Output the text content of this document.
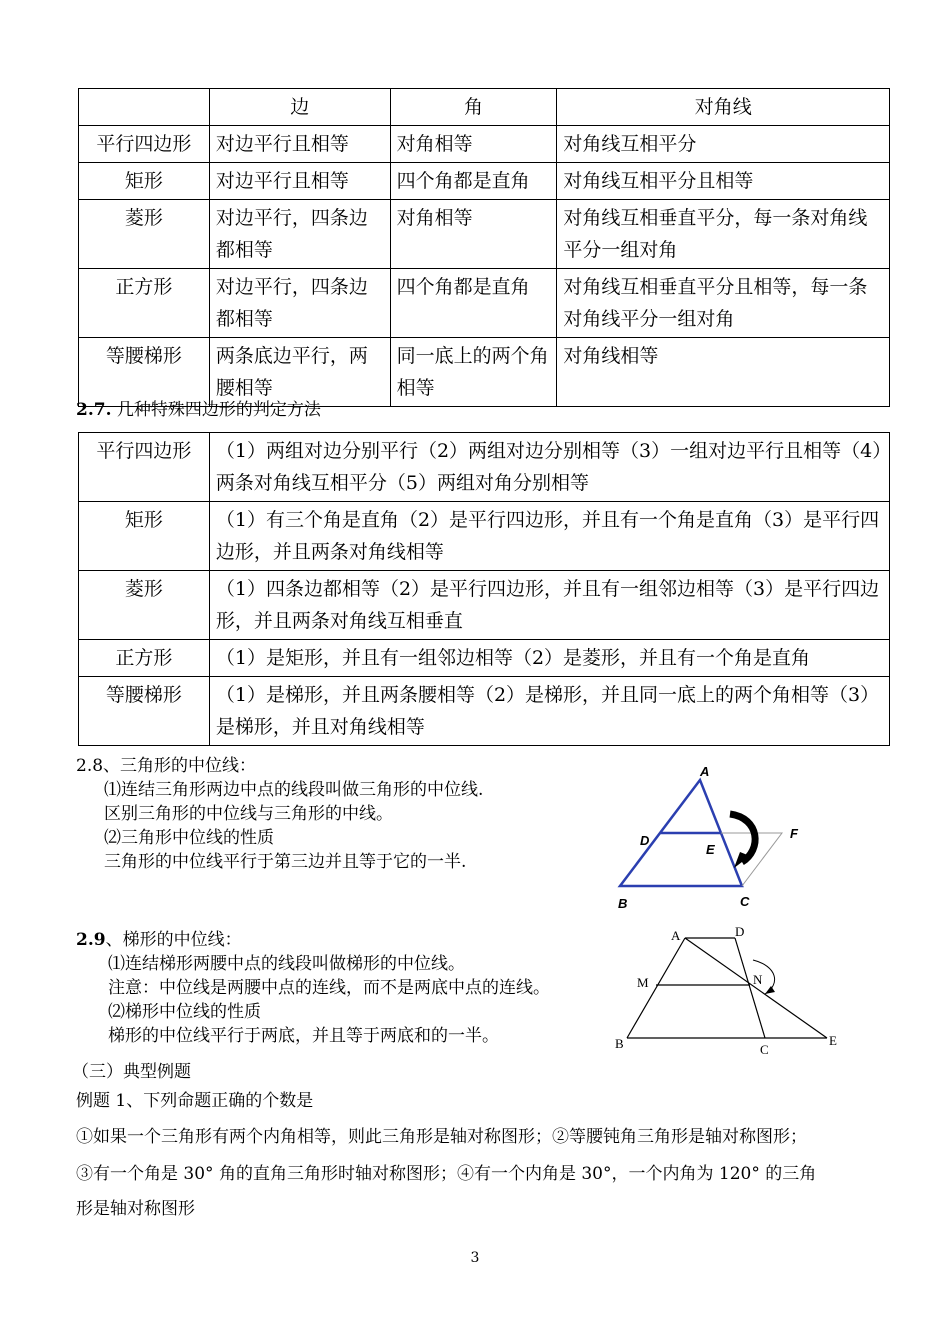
	边	角	对角线
平行四边形	对边平行且相等	对角相等	对角线互相平分
矩形	对边平行且相等	四个角都是直角	对角线互相平分且相等
菱形	对边平行，四条边都相等	对角相等	对角线互相垂直平分，每一条对角线平分一组对角
正方形	对边平行，四条边都相等	四个角都是直角	对角线互相垂直平分且相等，每一条对角线平分一组对角
等腰梯形	两条底边平行，两腰相等	同一底上的两个角相等	对角线相等
2.7. 几种特殊四边形的判定方法
平行四边形	（1）两组对边分别平行（2）两组对边分别相等（3）一组对边平行且相等（4）两条对角线互相平分（5）两组对角分别相等
矩形	（1）有三个角是直角（2）是平行四边形，并且有一个角是直角（3）是平行四边形，并且两条对角线相等
菱形	（1）四条边都相等（2）是平行四边形，并且有一组邻边相等（3）是平行四边形，并且两条对角线互相垂直
正方形	（1）是矩形，并且有一组邻边相等（2）是菱形，并且有一个角是直角
等腰梯形	（1）是梯形，并且两条腰相等（2）是梯形，并且同一底上的两个角相等（3）是梯形，并且对角线相等
2.8、三角形的中位线：
⑴连结三角形两边中点的线段叫做三角形的中位线.
区别三角形的中位线与三角形的中线。
⑵三角形中位线的性质
三角形的中位线平行于第三边并且等于它的一半.
A
D
E
F
B	C
2.9、梯形的中位线：
⑴连结梯形两腰中点的线段叫做梯形的中位线。
注意：中位线是两腰中点的连线，而不是两底中点的连线。
⑵梯形中位线的性质
梯形的中位线平行于两底，并且等于两底和的一半。
A	D
M	N
B	C
E
（三）典型例题
例题 1、下列命题正确的个数是
①如果一个三角形有两个内角相等，则此三角形是轴对称图形；②等腰钝角三角形是轴对称图形；
③有一个角是 30° 角的直角三角形时轴对称图形；④有一个内角是 30°，一个内角为 120° 的三角
形是轴对称图形
3
